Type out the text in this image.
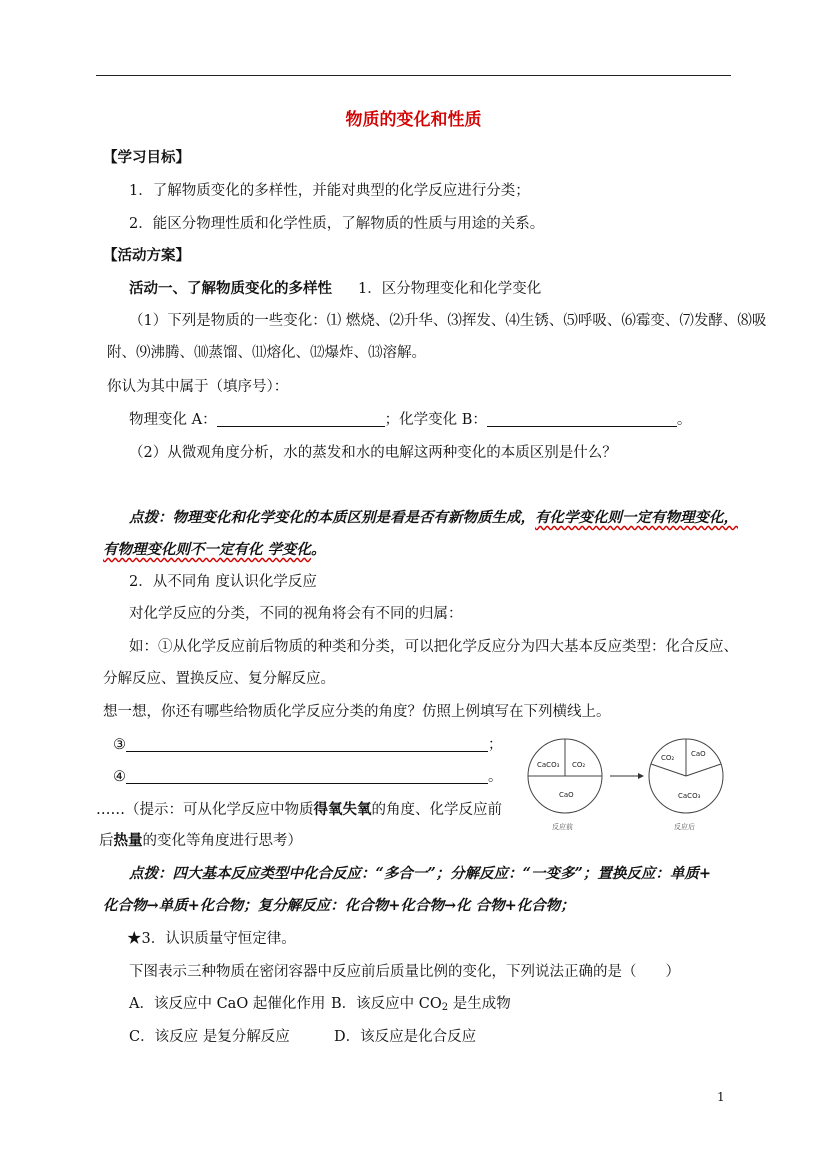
物质的变化和性质
【学习目标】
1．了解物质变化的多样性，并能对典型的化学反应进行分类；
2．能区分物理性质和化学性质，了解物质的性质与用途的关系。
【活动方案】
活动一、了解物质变化的多样性 1．区分物理变化和化学变化
（1）下列是物质的一些变化：⑴ 燃烧、⑵升华、⑶挥发、⑷生锈、⑸呼吸、⑹霉变、⑺发酵、⑻吸
附、⑼沸腾、⑽蒸馏、⑾熔化、⑿爆炸、⒀溶解。
你认为其中属于（填序号）：
物理变化 A：	；化学变化 B：	。
（2）从微观角度分析，水的蒸发和水的电解这两种变化的本质区别是什么？
点拨：物理变化和化学变化的本质区别是看是否有新物质生成，有化学变化则一定有物理变化，
有物理变化则不一定有化 学变化。
2．从不同角 度认识化学反应
对化学反应的分类，不同的视角将会有不同的归属：
如：①从化学反应前后物质的种类和分类，可以把化学反应分为四大基本反应类型：化合反应、
分解反应、置换反应、复分解反应。
想一想，你还有哪些给物质化学反应分类的角度？仿照上例填写在下列横线上。
③	；
④	。
……（提示：可从化学反应中物质得氧失氧的角度、化学反应前
后热量的变化等角度进行思考）
CaCO₃ CO₂
CaO
反应前
CO₂ CaO
CaCO₃
反应后
点拨：四大基本反应类型中化合反应：“多合一”；分解反应：“一变多”；置换反应：单质+
化合物→单质+化合物；复分解反应：化合物+化合物→化 合物+化合物；
★3．认识质量守恒定律。
下图表示三种物质在密闭容器中反应前后质量比例的变化，下列说法正确的是（　　）
A．该反应中 CaO 起催化作用 B．该反应中 $CO_2$ 是生成物
C．该反应 是复分解反应	D．该反应是化合反应
1
